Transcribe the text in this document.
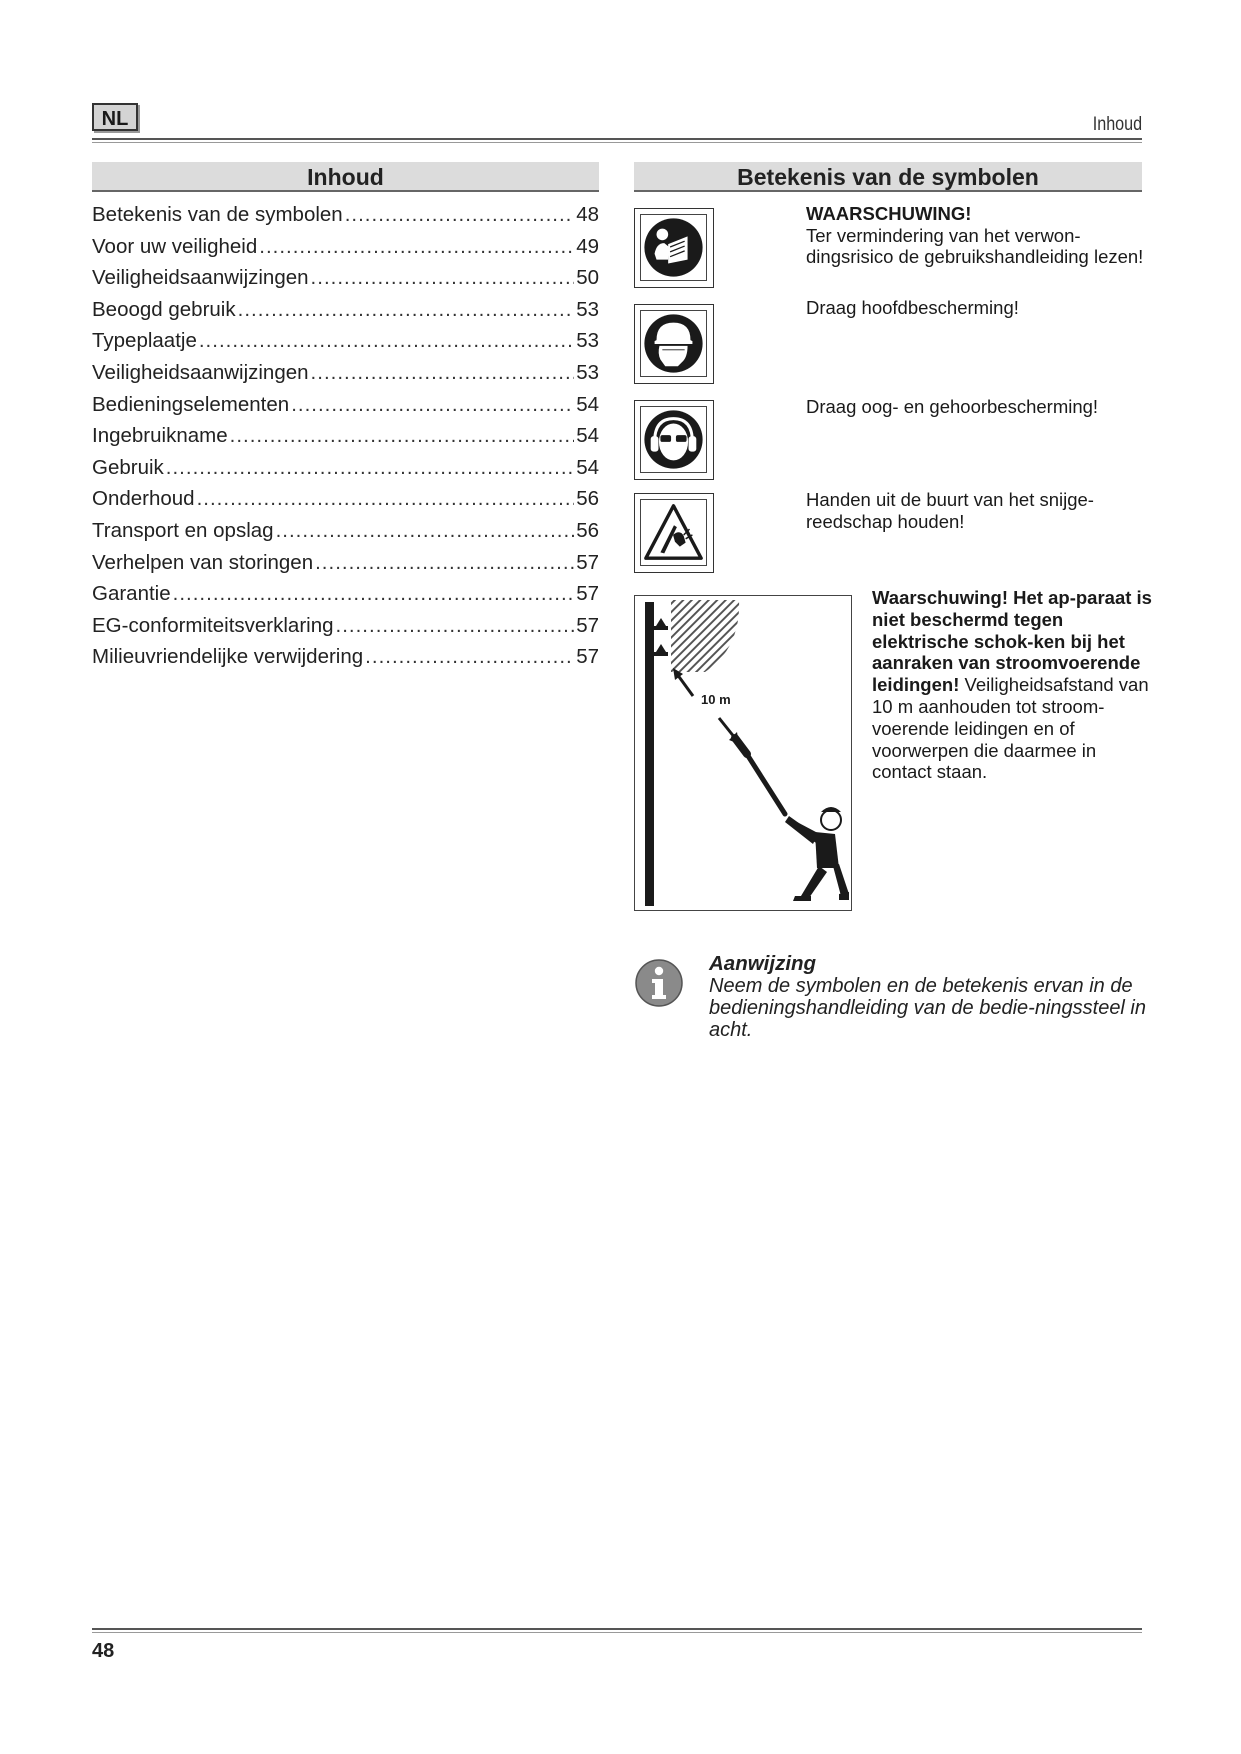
NL	Inhoud
Inhoud
Betekenis van de symbolen .....	48
Voor uw veiligheid .....	49
Veiligheidsaanwijzingen .....	50
Beoogd gebruik .....	53
Typeplaatje .....	53
Veiligheidsaanwijzingen .....	53
Bedieningselementen .....	54
Ingebruikname .....	54
Gebruik .....	54
Onderhoud .....	56
Transport en opslag .....	56
Verhelpen van storingen .....	57
Garantie .....	57
EG-conformiteitsverklaring .....	57
Milieuvriendelijke verwijdering .....	57
Betekenis van de symbolen
WAARSCHUWING!
Ter vermindering van het verwon-dingsrisico de gebruikshandleiding lezen!
Draag hoofdbescherming!
Draag oog- en gehoorbescherming!
Handen uit de buurt van het snijge-reedschap houden!
10 m
Waarschuwing! Het ap-paraat is niet beschermd tegen elektrische schok-ken bij het aanraken van stroomvoerende leidingen! Veiligheidsafstand van 10 m aanhouden tot stroom-voerende leidingen en of voorwerpen die daarmee in contact staan.
Aanwijzing
Neem de symbolen en de betekenis ervan in de bedieningshandleiding van de bedie-ningssteel in acht.
48
